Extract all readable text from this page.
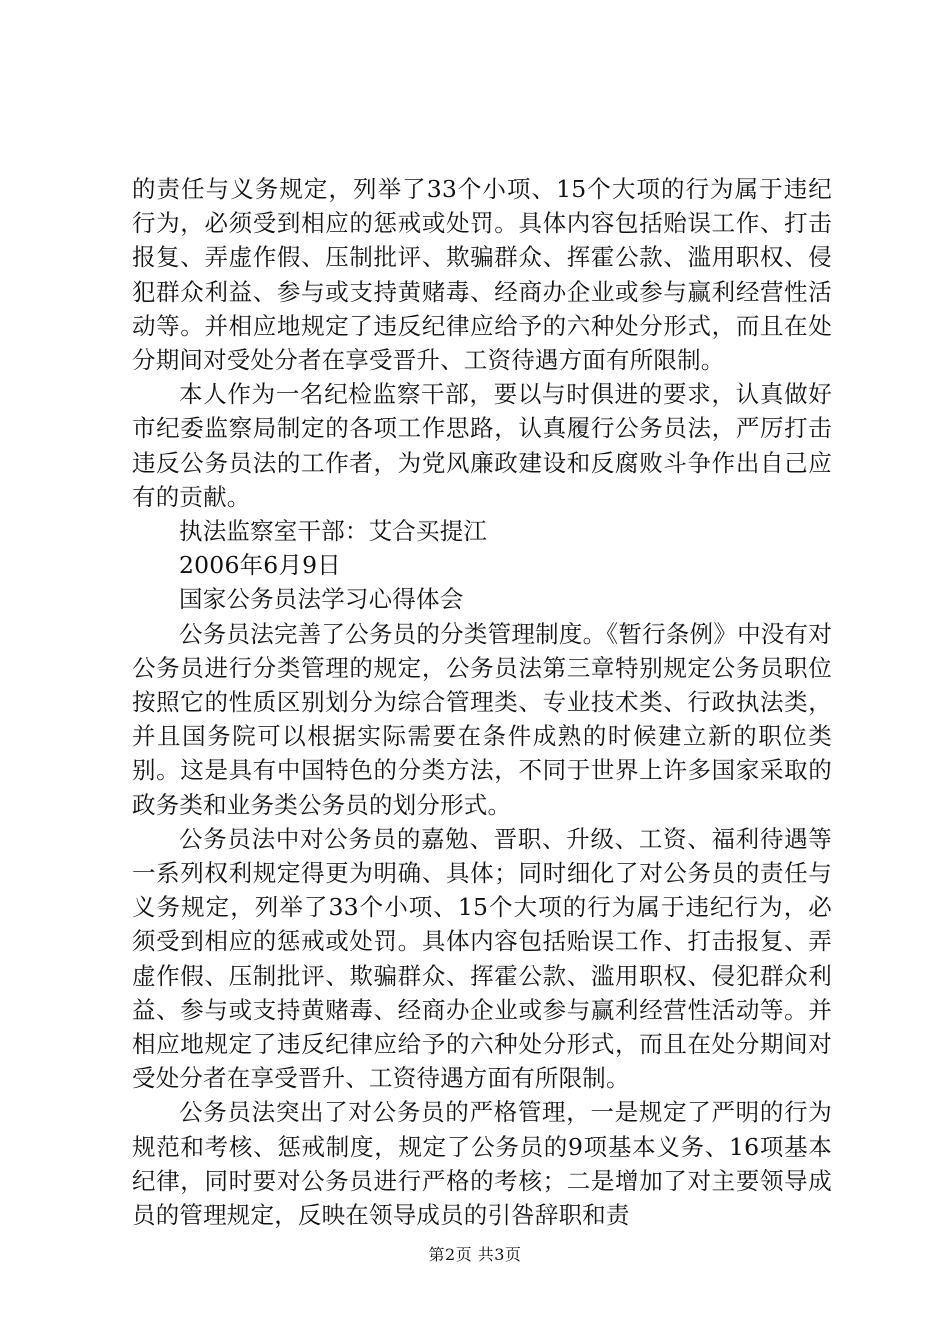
的责任与义务规定，列举了33个小项、15个大项的行为属于违纪行为，必须受到相应的惩戒或处罚。具体内容包括贻误工作、打击报复、弄虚作假、压制批评、欺骗群众、挥霍公款、滥用职权、侵犯群众利益、参与或支持黄赌毒、经商办企业或参与赢利经营性活动等。并相应地规定了违反纪律应给予的六种处分形式，而且在处分期间对受处分者在享受晋升、工资待遇方面有所限制。

本人作为一名纪检监察干部，要以与时俱进的要求，认真做好市纪委监察局制定的各项工作思路，认真履行公务员法，严厉打击违反公务员法的工作者，为党风廉政建设和反腐败斗争作出自己应有的贡献。

执法监察室干部：艾合买提江

2006年6月9日

国家公务员法学习心得体会

公务员法完善了公务员的分类管理制度。《暂行条例》中没有对公务员进行分类管理的规定，公务员法第三章特别规定公务员职位按照它的性质区别划分为综合管理类、专业技术类、行政执法类，并且国务院可以根据实际需要在条件成熟的时候建立新的职位类别。这是具有中国特色的分类方法，不同于世界上许多国家采取的政务类和业务类公务员的划分形式。

公务员法中对公务员的嘉勉、晋职、升级、工资、福利待遇等一系列权利规定得更为明确、具体；同时细化了对公务员的责任与义务规定，列举了33个小项、15个大项的行为属于违纪行为，必须受到相应的惩戒或处罚。具体内容包括贻误工作、打击报复、弄虚作假、压制批评、欺骗群众、挥霍公款、滥用职权、侵犯群众利益、参与或支持黄赌毒、经商办企业或参与赢利经营性活动等。并相应地规定了违反纪律应给予的六种处分形式，而且在处分期间对受处分者在享受晋升、工资待遇方面有所限制。

公务员法突出了对公务员的严格管理，一是规定了严明的行为规范和考核、惩戒制度，规定了公务员的9项基本义务、16项基本纪律，同时要对公务员进行严格的考核；二是增加了对主要领导成员的管理规定，反映在领导成员的引咎辞职和责

第2页 共3页
